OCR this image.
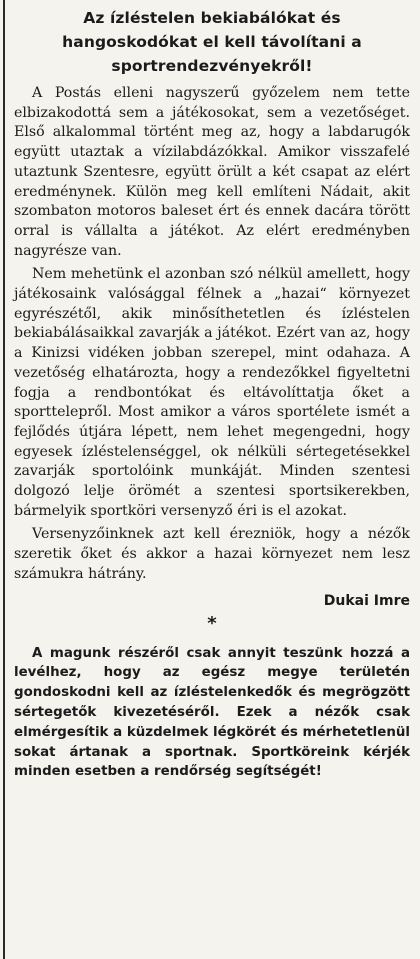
Az ízléstelen bekiabálókat és hangoskodókat el kell távolítani a sportrendezvényekről!

A Postás elleni nagyszerű győzelem nem tette elbizakodottá sem a játékosokat, sem a vezetőséget. Első alkalommal történt meg az, hogy a labdarugók együtt utaztak a vízilabdázókkal. Amikor visszafelé utaztunk Szentesre, együtt örült a két csapat az elért eredménynek. Külön meg kell említeni Nádait, akit szombaton motoros baleset ért és ennek dacára törött orral is vállalta a játékot. Az elért eredményben nagyrésze van.

Nem mehetünk el azonban szó nélkül amellett, hogy játékosaink valósággal félnek a „hazai“ környezet egyrészétől, akik minősíthetetlen és ízléstelen bekiabálásaikkal zavarják a játékot. Ezért van az, hogy a Kinizsi vidéken jobban szerepel, mint odahaza. A vezetőség elhatározta, hogy a rendezőkkel figyeltetni fogja a rendbontókat és eltávolíttatja őket a sporttelepről. Most amikor a város sportélete ismét a fejlődés útjára lépett, nem lehet megengedni, hogy egyesek ízléstelenséggel, ok nélküli sértegetésekkel zavarják sportolóink munkáját. Minden szentesi dolgozó lelje örömét a szentesi sportsikerekben, bármelyik sportköri versenyző éri is el azokat.

Versenyzőinknek azt kell érezniök, hogy a nézők szeretik őket és akkor a hazai környezet nem lesz számukra hátrány.

Dukai Imre
*

A magunk részéről csak annyit teszünk hozzá a levélhez, hogy az egész megye területén gondoskodni kell az ízléstelenkedők és megrögzött sértegetők kivezetéséről. Ezek a nézők csak elmérgesítik a küzdelmek légkörét és mérhetetlenül sokat ártanak a sportnak. Sportköreink kérjék minden esetben a rendőrség segítségét!
